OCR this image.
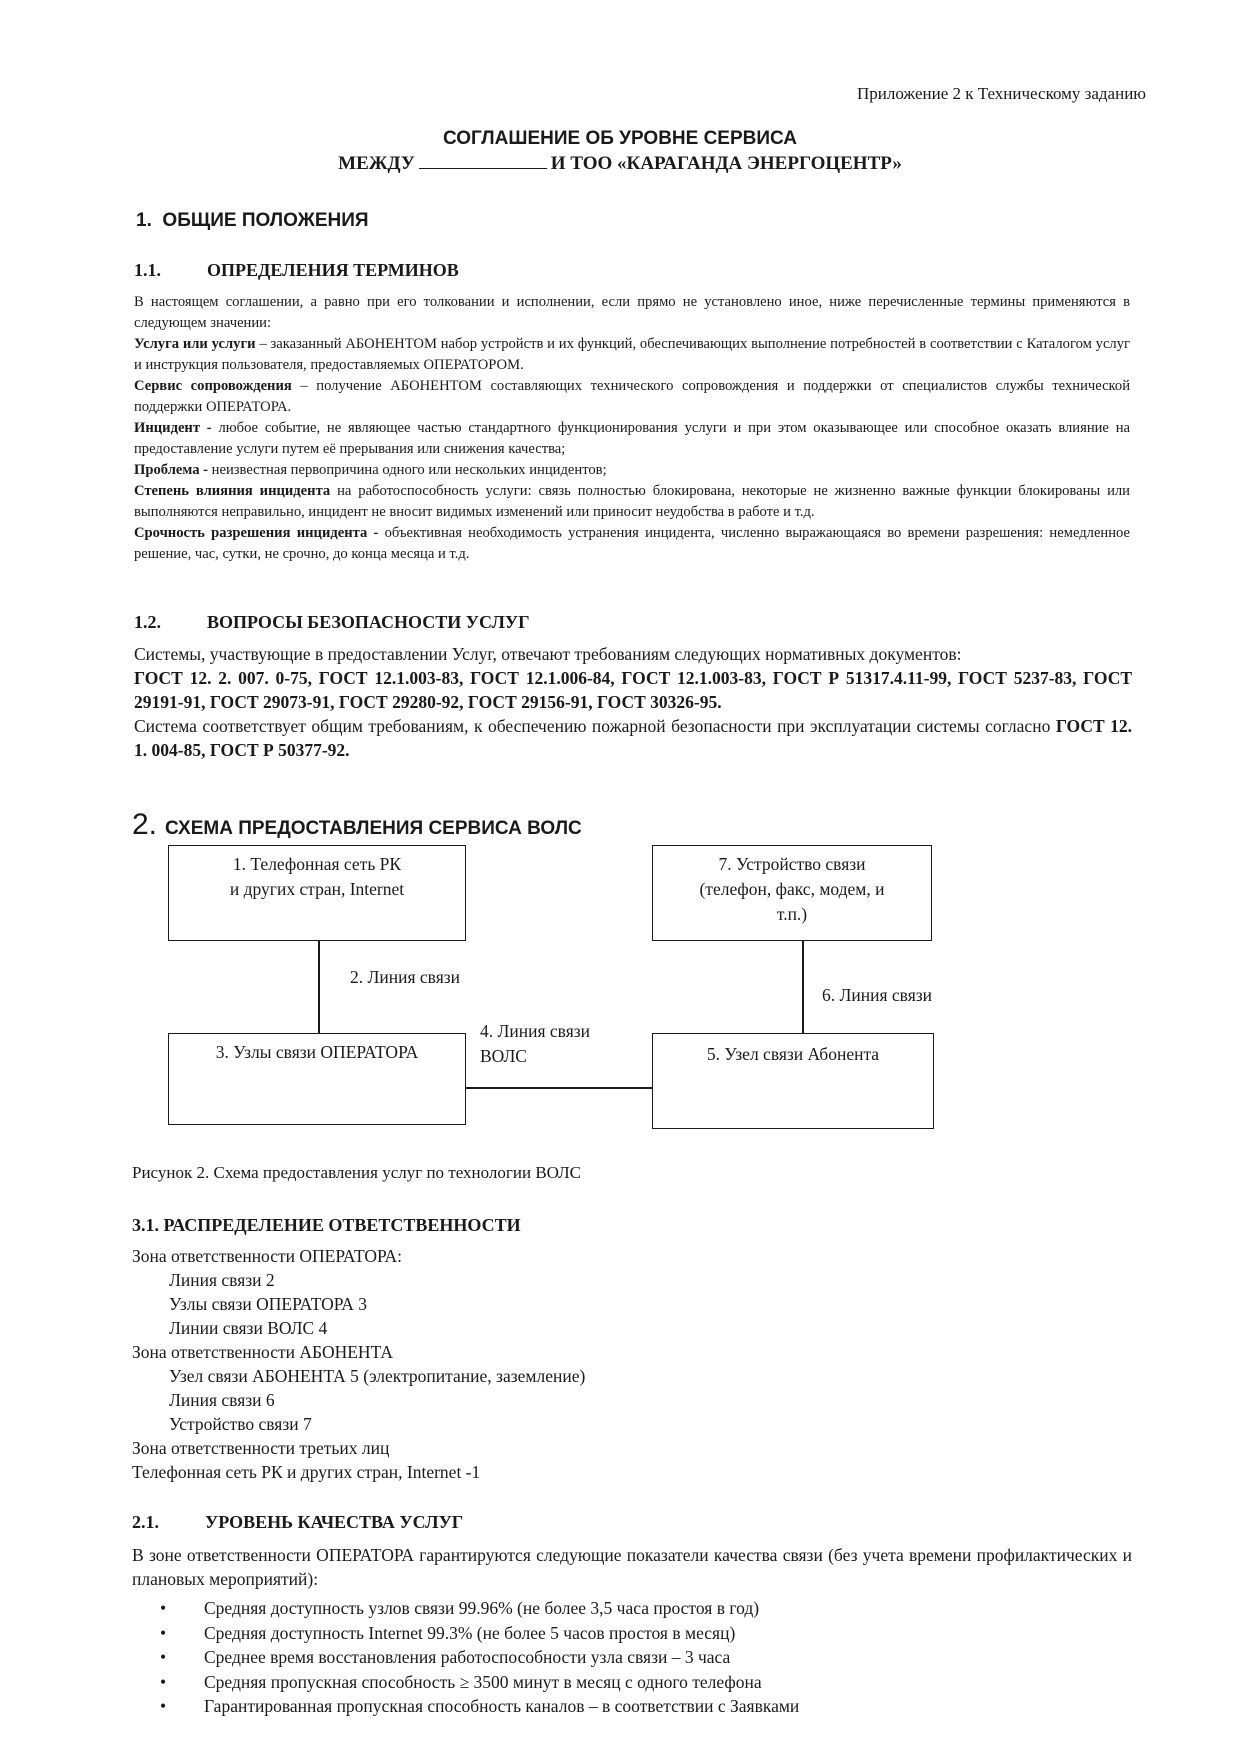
Приложение 2 к Техническому заданию
СОГЛАШЕНИЕ ОБ УРОВНЕ СЕРВИСА
МЕЖДУ	И ТОО «КАРАГАНДА ЭНЕРГОЦЕНТР»
1. ОБЩИЕ ПОЛОЖЕНИЯ
1.1.	ОПРЕДЕЛЕНИЯ ТЕРМИНОВ

В настоящем соглашении, а равно при его толковании и исполнении, если прямо не установлено иное, ниже перечисленные термины применяются в следующем значении:

Услуга или услуги – заказанный АБОНЕНТОМ набор устройств и их функций, обеспечивающих выполнение потребностей в соответствии с Каталогом услуг и инструкция пользователя, предоставляемых ОПЕРАТОРОМ.

Сервис сопровождения – получение АБОНЕНТОМ составляющих технического сопровождения и поддержки от специалистов службы технической поддержки ОПЕРАТОРА.

Инцидент - любое событие, не являющее частью стандартного функционирования услуги и при этом оказывающее или способное оказать влияние на предоставление услуги путем её прерывания или снижения качества;

Проблема - неизвестная первопричина одного или нескольких инцидентов;

Степень влияния инцидента на работоспособность услуги: связь полностью блокирована, некоторые не жизненно важные функции блокированы или выполняются неправильно, инцидент не вносит видимых изменений или приносит неудобства в работе и т.д.

Срочность разрешения инцидента - объективная необходимость устранения инцидента, численно выражающаяся во времени разрешения: немедленное решение, час, сутки, не срочно, до конца месяца и т.д.

1.2.	ВОПРОСЫ БЕЗОПАСНОСТИ УСЛУГ

Системы, участвующие в предоставлении Услуг, отвечают требованиям следующих нормативных документов:

ГОСТ 12. 2. 007. 0-75, ГОСТ 12.1.003-83, ГОСТ 12.1.006-84, ГОСТ 12.1.003-83, ГОСТ Р 51317.4.11-99, ГОСТ 5237-83, ГОСТ 29191-91, ГОСТ 29073-91, ГОСТ 29280-92, ГОСТ 29156-91, ГОСТ 30326-95.

Система соответствует общим требованиям, к обеспечению пожарной безопасности при эксплуатации системы согласно ГОСТ 12. 1. 004-85, ГОСТ Р 50377-92.

2. СХЕМА ПРЕДОСТАВЛЕНИЯ СЕРВИСА ВОЛС
1. Телефонная сеть РК
и других стран, Internet
7. Устройство связи
(телефон, факс, модем, и
т.п.)
3. Узлы связи ОПЕРАТОРА	5. Узел связи Абонента
2. Линия связи
6. Линия связи
4. Линия связи
ВОЛС
Рисунок 2. Схема предоставления услуг по технологии ВОЛС
3.1. РАСПРЕДЕЛЕНИЕ ОТВЕТСТВЕННОСТИ
Зона ответственности ОПЕРАТОРА:
Линия связи 2
Узлы связи ОПЕРАТОРА 3
Линии связи ВОЛС 4
Зона ответственности АБОНЕНТА
Узел связи АБОНЕНТА 5 (электропитание, заземление)
Линия связи 6
Устройство связи 7
Зона ответственности третьих лиц
Телефонная сеть РК и других стран, Internet -1
2.1.	УРОВЕНЬ КАЧЕСТВА УСЛУГ

В зоне ответственности ОПЕРАТОРА гарантируются следующие показатели качества связи (без учета времени профилактических и плановых мероприятий):

• Средняя доступность узлов связи 99.96% (не более 3,5 часа простоя в год)
• Средняя доступность Internet 99.3% (не более 5 часов простоя в месяц)
• Среднее время восстановления работоспособности узла связи – 3 часа
• Средняя пропускная способность ≥ 3500 минут в месяц с одного телефона
• Гарантированная пропускная способность каналов – в соответствии с Заявками
